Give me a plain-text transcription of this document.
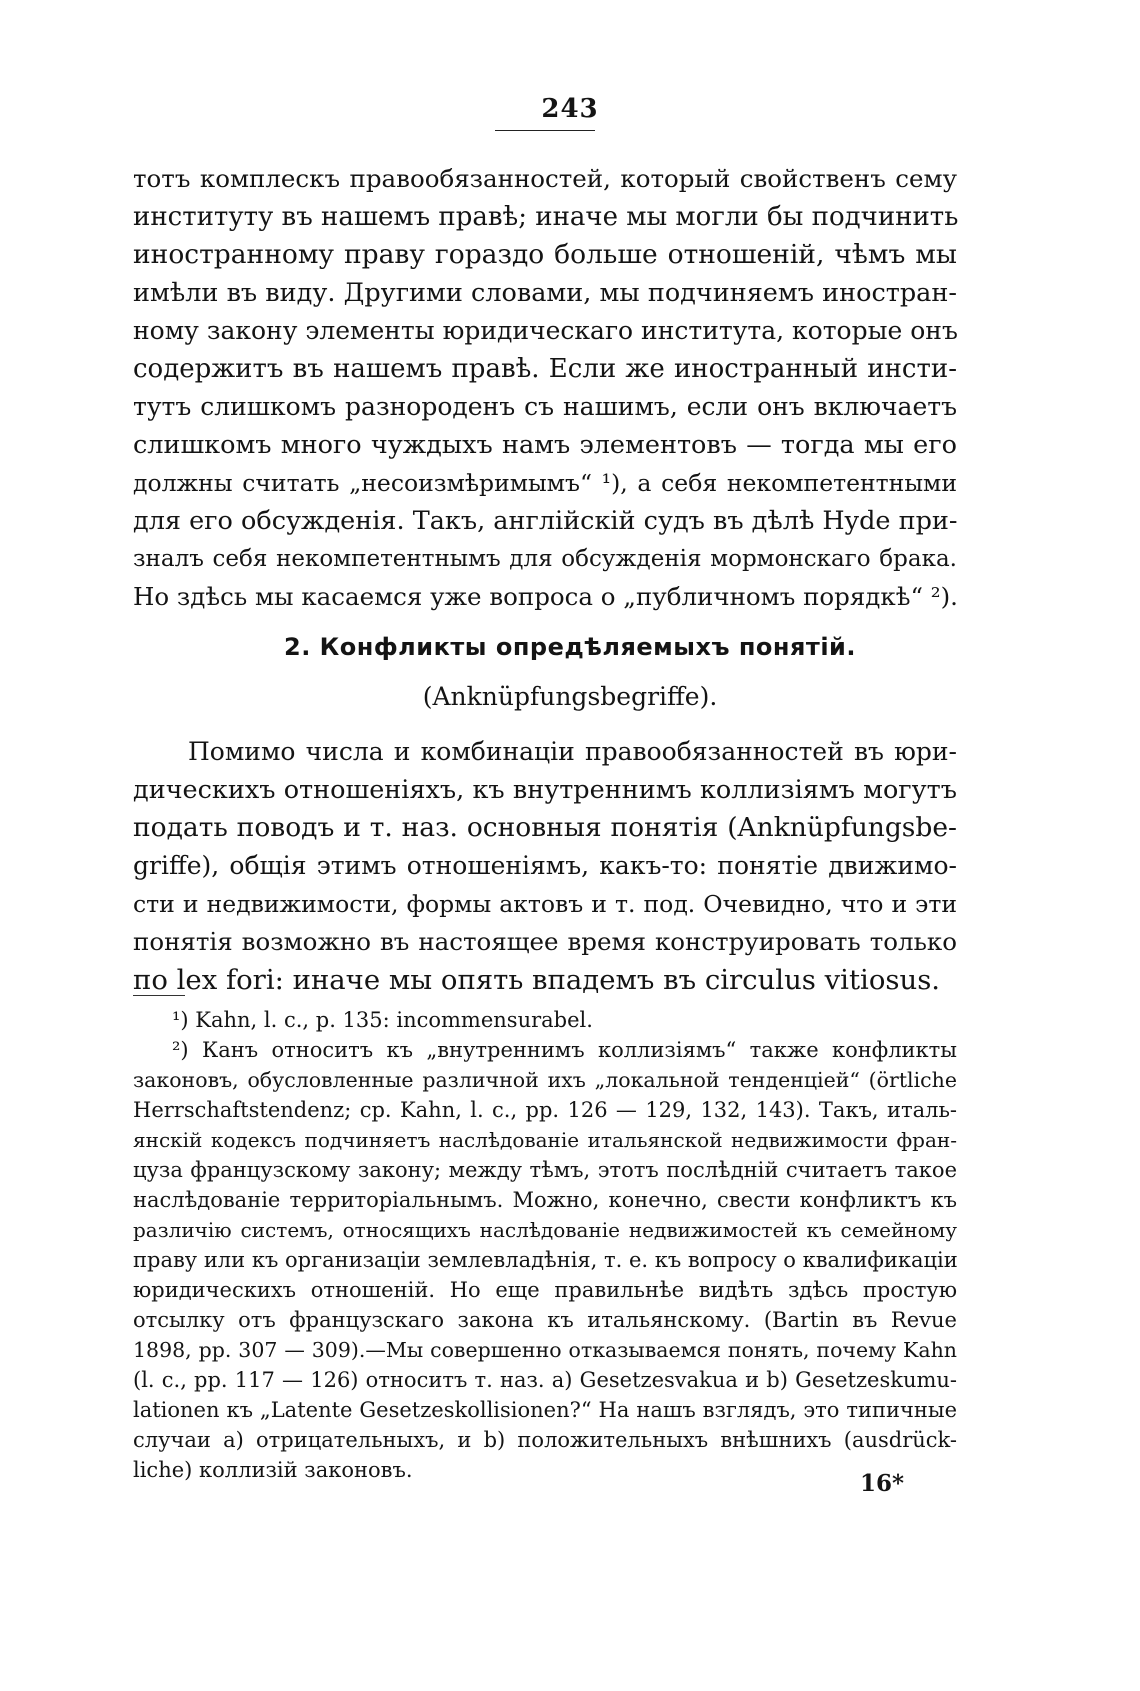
243
тотъ комплескъ правообязанностей, который свойственъ сему
институту въ нашемъ правѣ; иначе мы могли бы подчинить
иностранному праву гораздо больше отношеній, чѣмъ мы
имѣли въ виду. Другими словами, мы подчиняемъ иностран-
ному закону элементы юридическаго института, которые онъ
содержитъ въ нашемъ правѣ. Если же иностранный инсти-
тутъ слишкомъ разнороденъ съ нашимъ, если онъ включаетъ
слишкомъ много чуждыхъ намъ элементовъ — тогда мы его
должны считать „несоизмѣримымъ“ ¹), а себя некомпетентными
для его обсужденія. Такъ, англійскій судъ въ дѣлѣ Hyde при-
зналъ себя некомпетентнымъ для обсужденія мормонскаго брака.
Но здѣсь мы касаемся уже вопроса о „публичномъ порядкѣ“ ²).
2. Конфликты опредѣляемыхъ понятій.
(Anknüpfungsbegriffe).
Помимо числа и комбинаціи правообязанностей въ юри-
дическихъ отношеніяхъ, къ внутреннимъ коллизіямъ могутъ
подать поводъ и т. наз. основныя понятія (Anknüpfungsbe-
griffe), общія этимъ отношеніямъ, какъ-то: понятіе движимо-
сти и недвижимости, формы актовъ и т. под. Очевидно, что и эти
понятія возможно въ настоящее время конструировать только
по lex fori: иначе мы опять впадемъ въ circulus vitiosus.
¹) Kahn, l. c., p. 135: incommensurabel.
²) Канъ относитъ къ „внутреннимъ коллизіямъ“ также конфликты
законовъ, обусловленные различной ихъ „локальной тенденціей“ (örtliche
Herrschaftstendenz; cp. Kahn, l. c., pp. 126 — 129, 132, 143). Такъ, италь-
янскій кодексъ подчиняетъ наслѣдованіе итальянской недвижимости фран-
цуза французскому закону; между тѣмъ, этотъ послѣдній считаетъ такое
наслѣдованіе территоріальнымъ. Можно, конечно, свести конфликтъ къ
различію системъ, относящихъ наслѣдованіе недвижимостей къ семейному
праву или къ организаціи землевладѣнія, т. е. къ вопросу о квалификаціи
юридическихъ отношеній. Но еще правильнѣе видѣть здѣсь простую
отсылку отъ французскаго закона къ итальянскому. (Bartin въ Revue
1898, pp. 307 — 309).—Мы совершенно отказываемся понять, почему Kahn
(l. c., pp. 117 — 126) относитъ т. наз. a) Gesetzesvakua и b) Gesetzeskumu-
lationen къ „Latente Gesetzeskollisionen?“ На нашъ взглядъ, это типичные
случаи a) отрицательныхъ, и b) положительныхъ внѣшнихъ (ausdrück-
liche) коллизій законовъ.	16*
